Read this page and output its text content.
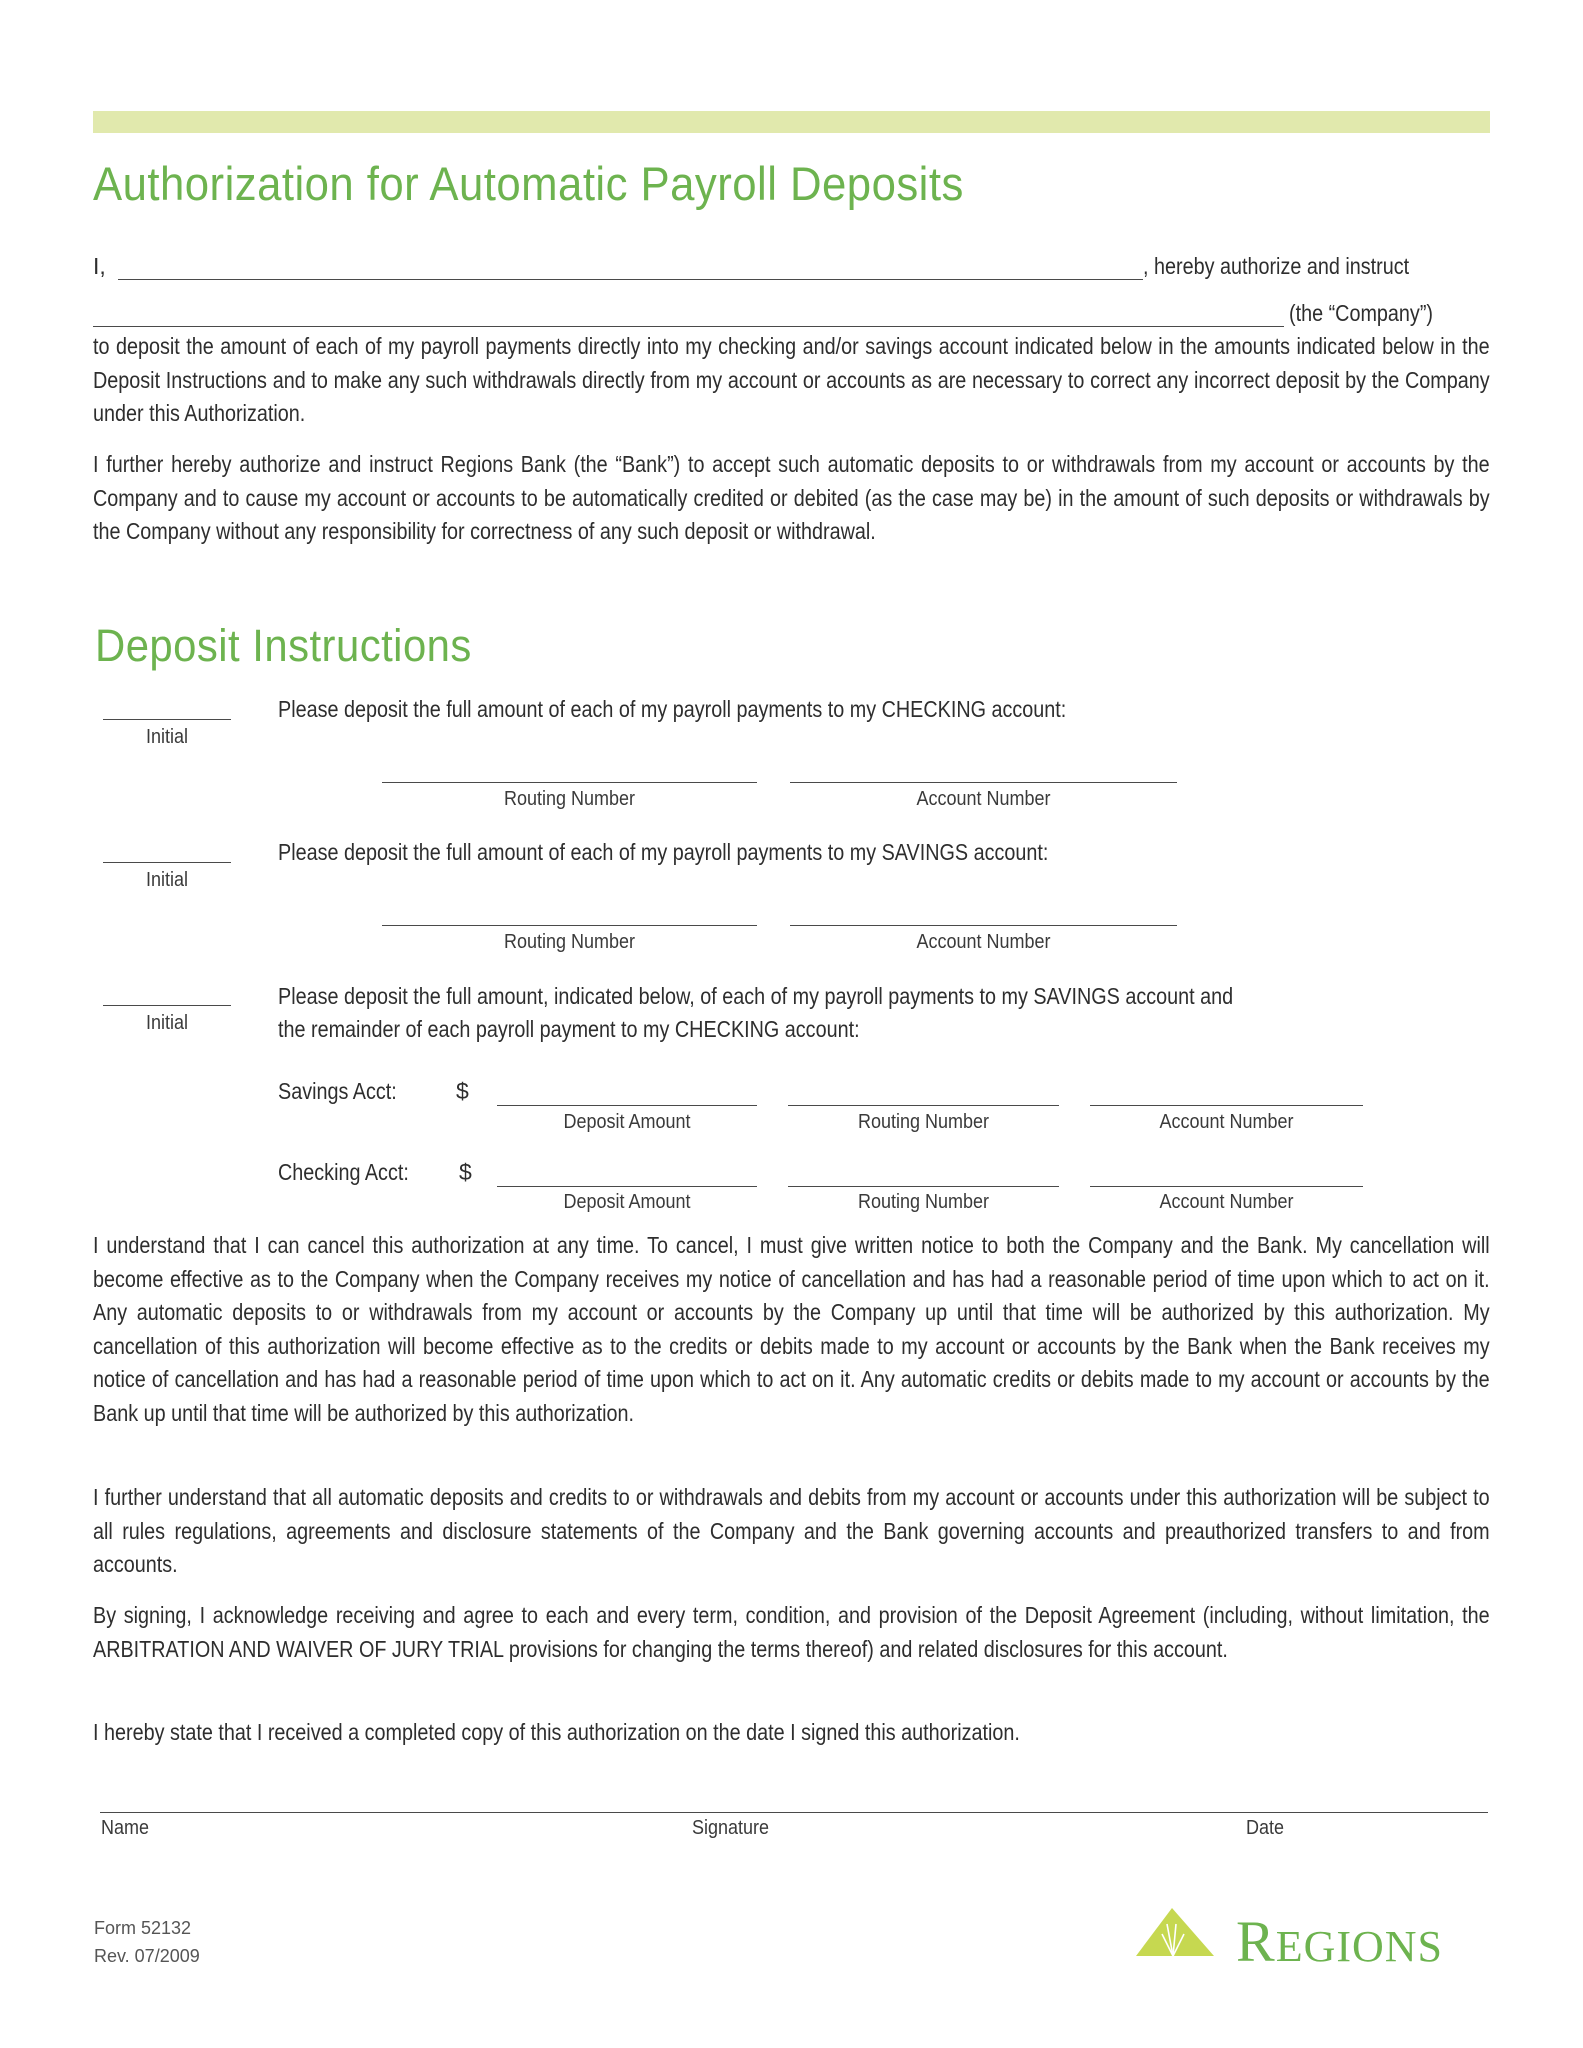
Authorization for Automatic Payroll Deposits
I,	, hereby authorize and instruct
(the “Company”)
to deposit the amount of each of my payroll payments directly into my checking and/or savings account indicated below in the amounts indicated below in the Deposit Instructions and to make any such withdrawals directly from my account or accounts as are necessary to correct any incorrect deposit by the Company under this Authorization.
I further hereby authorize and instruct Regions Bank (the “Bank”) to accept such automatic deposits to or withdrawals from my account or accounts by the Company and to cause my account or accounts to be automatically credited or debited (as the case may be) in the amount of such deposits or withdrawals by the Company without any responsibility for correctness of any such deposit or withdrawal.
Deposit Instructions
Initial
Please deposit the full amount of each of my payroll payments to my CHECKING account:
Routing Number	Account Number
Initial
Please deposit the full amount of each of my payroll payments to my SAVINGS account:
Routing Number	Account Number
Initial
Please deposit the full amount, indicated below, of each of my payroll payments to my SAVINGS account and
the remainder of each payroll payment to my CHECKING account:
Savings Acct:	$
Deposit Amount	Routing Number	Account Number
Checking Acct: $
Deposit Amount	Routing Number	Account Number
I understand that I can cancel this authorization at any time. To cancel, I must give written notice to both the Company and the Bank. My cancellation will become effective as to the Company when the Company receives my notice of cancellation and has had a reasonable period of time upon which to act on it. Any automatic deposits to or withdrawals from my account or accounts by the Company up until that time will be authorized by this authorization. My cancellation of this authorization will become effective as to the credits or debits made to my account or accounts by the Bank when the Bank receives my notice of cancellation and has had a reasonable period of time upon which to act on it. Any automatic credits or debits made to my account or accounts by the Bank up until that time will be authorized by this authorization.
I further understand that all automatic deposits and credits to or withdrawals and debits from my account or accounts under this authorization will be subject to all rules regulations, agreements and disclosure statements of the Company and the Bank governing accounts and preauthorized transfers to and from accounts.
By signing, I acknowledge receiving and agree to each and every term, condition, and provision of the Deposit Agreement (including, without limitation, the ARBITRATION AND WAIVER OF JURY TRIAL provisions for changing the terms thereof) and related disclosures for this account.
I hereby state that I received a completed copy of this authorization on the date I signed this authorization.
Name	Signature	Date
Form 52132
Rev. 07/2009	REGIONS
